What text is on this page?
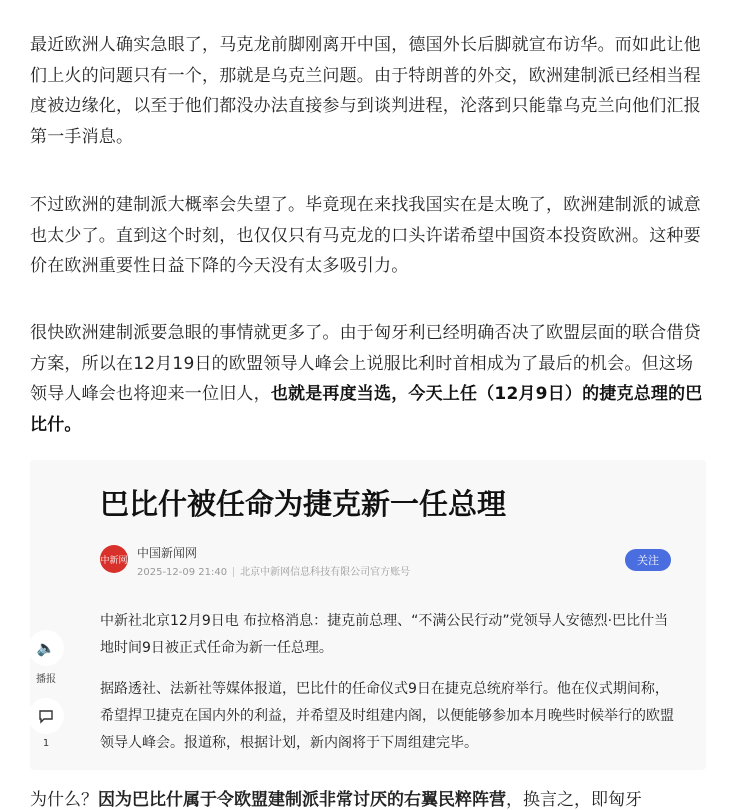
最近欧洲人确实急眼了，马克龙前脚刚离开中国，德国外长后脚就宣布访华。而如此让他们上火的问题只有一个，那就是乌克兰问题。由于特朗普的外交，欧洲建制派已经相当程度被边缘化，以至于他们都没办法直接参与到谈判进程，沦落到只能靠乌克兰向他们汇报第一手消息。

不过欧洲的建制派大概率会失望了。毕竟现在来找我国实在是太晚了，欧洲建制派的诚意也太少了。直到这个时刻，也仅仅只有马克龙的口头许诺希望中国资本投资欧洲。这种要价在欧洲重要性日益下降的今天没有太多吸引力。

很快欧洲建制派要急眼的事情就更多了。由于匈牙利已经明确否决了欧盟层面的联合借贷方案，所以在12月19日的欧盟领导人峰会上说服比利时首相成为了最后的机会。但这场领导人峰会也将迎来一位旧人，也就是再度当选，今天上任（12月9日）的捷克总理的巴比什。

巴比什被任命为捷克新一任总理
中新网
中国新闻网
2025-12-09 21:40 北京中新网信息科技有限公司官方账号
关注

中新社北京12月9日电 布拉格消息：捷克前总理、“不满公民行动”党领导人安德烈·巴比什当地时间9日被正式任命为新一任总理。

据路透社、法新社等媒体报道，巴比什的任命仪式9日在捷克总统府举行。他在仪式期间称，希望捍卫捷克在国内外的利益，并希望及时组建内阁，以便能够参加本月晚些时候举行的欧盟领导人峰会。报道称，根据计划，新内阁将于下周组建完毕。

🔈
播报
1
为什么？因为巴比什属于令欧盟建制派非常讨厌的右翼民粹阵营，换言之，即匈牙
